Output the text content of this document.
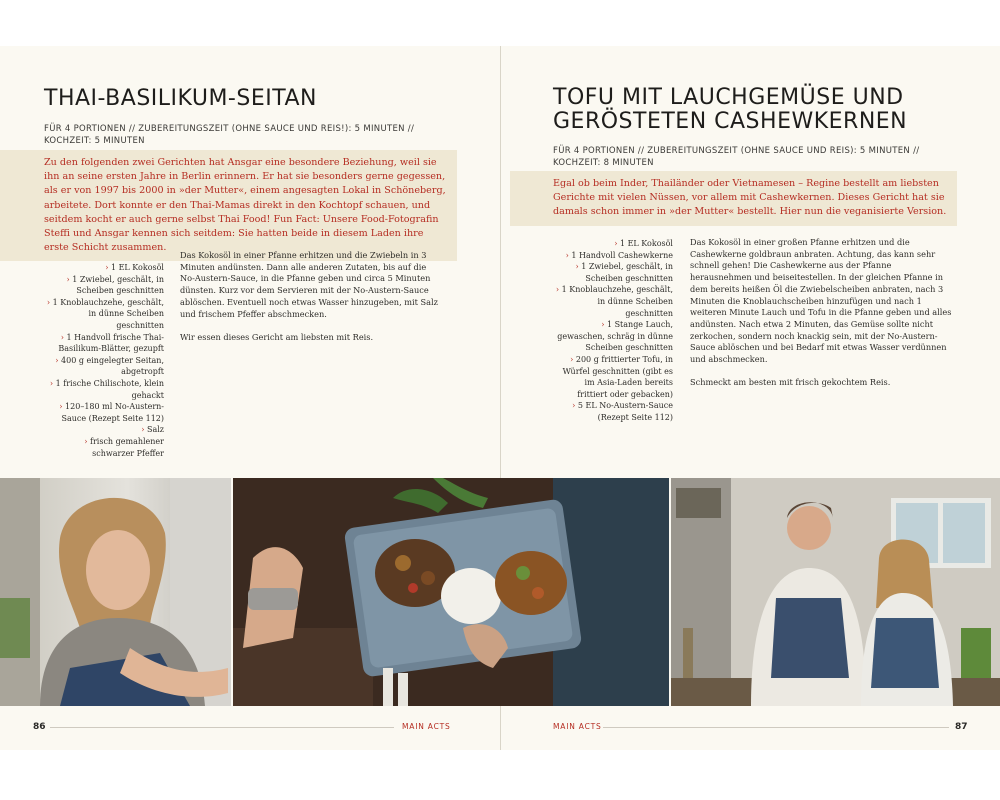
THAI-BASILIKUM-SEITAN
FÜR 4 PORTIONEN // ZUBEREITUNGSZEIT (OHNE SAUCE UND REIS!): 5 MINUTEN // KOCHZEIT: 5 MINUTEN
Zu den folgenden zwei Gerichten hat Ansgar eine besondere Beziehung, weil sie ihn an seine ersten Jahre in Berlin erinnern. Er hat sie besonders gerne gegessen, als er von 1997 bis 2000 in »der Mutter«, einem angesagten Lokal in Schöneberg, arbeitete. Dort konnte er den Thai-Mamas direkt in den Kochtopf schauen, und seitdem kocht er auch gerne selbst Thai Food! Fun Fact: Unsere Food-Fotografin Steffi und Ansgar kennen sich seitdem: Sie hatten beide in diesem Laden ihre erste Schicht zusammen.
› 1 EL Kokosöl
› 1 Zwiebel, geschält, in Scheiben geschnitten
› 1 Knoblauchzehe, geschält, in dünne Scheiben geschnitten
› 1 Handvoll frische Thai-Basilikum-Blätter, gezupft
› 400 g eingelegter Seitan, abgetropft
› 1 frische Chilischote, klein gehackt
› 120–180 ml No-Austern-Sauce (Rezept Seite 112)
› Salz
› frisch gemahlener schwarzer Pfeffer

Das Kokosöl in einer Pfanne erhitzen und die Zwiebeln in 3 Minuten andünsten. Dann alle anderen Zutaten, bis auf die No-Austern-Sauce, in die Pfanne geben und circa 5 Minuten dünsten. Kurz vor dem Servieren mit der No-Austern-Sauce ablöschen. Eventuell noch etwas Wasser hinzugeben, mit Salz und frischem Pfeffer abschmecken.

Wir essen dieses Gericht am liebsten mit Reis.

TOFU MIT LAUCHGEMÜSE UND GERÖSTETEN CASHEWKERNEN
FÜR 4 PORTIONEN // ZUBEREITUNGSZEIT (OHNE SAUCE UND REIS): 5 MINUTEN // KOCHZEIT: 8 MINUTEN
Egal ob beim Inder, Thailänder oder Vietnamesen – Regine bestellt am liebsten Gerichte mit vielen Nüssen, vor allem mit Cashewkernen. Dieses Gericht hat sie damals schon immer in »der Mutter« bestellt. Hier nun die veganisierte Version.
› 1 EL Kokosöl
› 1 Handvoll Cashewkerne
› 1 Zwiebel, geschält, in Scheiben geschnitten
› 1 Knoblauchzehe, geschält, in dünne Scheiben geschnitten
› 1 Stange Lauch, gewaschen, schräg in dünne Scheiben geschnitten
› 200 g frittierter Tofu, in Würfel geschnitten (gibt es im Asia-Laden bereits frittiert oder gebacken)
› 5 EL No-Austern-Sauce (Rezept Seite 112)

Das Kokosöl in einer großen Pfanne erhitzen und die Cashewkerne goldbraun anbraten. Achtung, das kann sehr schnell gehen! Die Cashewkerne aus der Pfanne herausnehmen und beiseitestellen. In der gleichen Pfanne in dem bereits heißen Öl die Zwiebelscheiben anbraten, nach 3 Minuten die Knoblauchscheiben hinzufügen und nach 1 weiteren Minute Lauch und Tofu in die Pfanne geben und alles andünsten. Nach etwa 2 Minuten, das Gemüse sollte nicht zerkochen, sondern noch knackig sein, mit der No-Austern-Sauce ablöschen und bei Bedarf mit etwas Wasser verdünnen und abschmecken.

Schmeckt am besten mit frisch gekochtem Reis.

86	MAIN ACTS	MAIN ACTS	87
